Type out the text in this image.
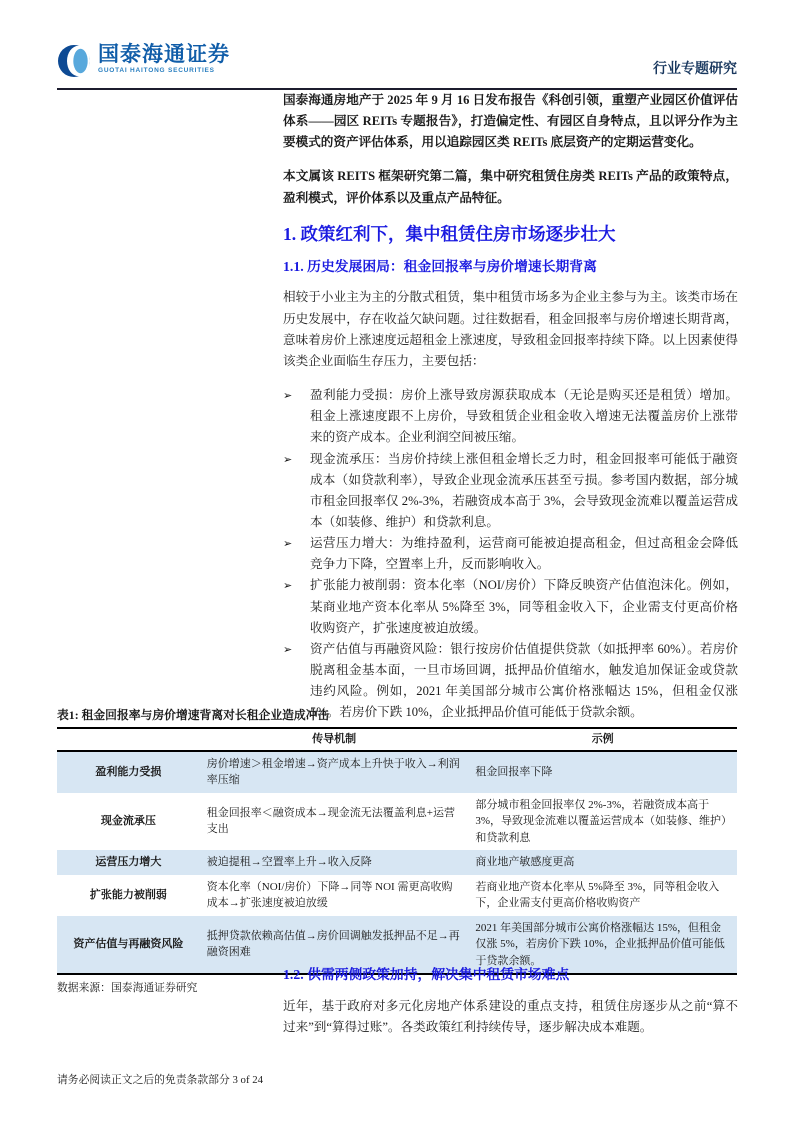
国泰海通证券
GUOTAI HAITONG SECURITIES	行业专题研究

国泰海通房地产于 2025 年 9 月 16 日发布报告《科创引领，重塑产业园区价值评估体系——园区 REITs 专题报告》，打造偏定性、有园区自身特点，且以评分作为主要模式的资产评估体系，用以追踪园区类 REITs 底层资产的定期运营变化。

本文属该 REITS 框架研究第二篇，集中研究租赁住房类 REITs 产品的政策特点，盈利模式，评价体系以及重点产品特征。

1. 政策红利下，集中租赁住房市场逐步壮大
1.1. 历史发展困局：租金回报率与房价增速长期背离

相较于小业主为主的分散式租赁，集中租赁市场多为企业主参与为主。该类市场在历史发展中，存在收益欠缺问题。过往数据看，租金回报率与房价增速长期背离，意味着房价上涨速度远超租金上涨速度，导致租金回报率持续下降。以上因素使得该类企业面临生存压力，主要包括：

➢	盈利能力受损：房价上涨导致房源获取成本（无论是购买还是租赁）增加。租金上涨速度跟不上房价，导致租赁企业租金收入增速无法覆盖房价上涨带来的资产成本。企业利润空间被压缩。
➢	现金流承压：当房价持续上涨但租金增长乏力时，租金回报率可能低于融资成本（如贷款利率），导致企业现金流承压甚至亏损。参考国内数据，部分城市租金回报率仅 2%-3%，若融资成本高于 3%，会导致现金流难以覆盖运营成本（如装修、维护）和贷款利息。
➢	运营压力增大：为维持盈利，运营商可能被迫提高租金，但过高租金会降低竞争力下降，空置率上升，反而影响收入。
➢	扩张能力被削弱：资本化率（NOI/房价）下降反映资产估值泡沫化。例如，某商业地产资本化率从 5%降至 3%，同等租金收入下，企业需支付更高价格收购资产，扩张速度被迫放缓。
➢	资产估值与再融资风险：银行按房价估值提供贷款（如抵押率 60%）。若房价脱离租金基本面，一旦市场回调，抵押品价值缩水，触发追加保证金或贷款违约风险。例如，2021 年美国部分城市公寓价格涨幅达 15%，但租金仅涨 5%。若房价下跌 10%，企业抵押品价值可能低于贷款余额。
表1: 租金回报率与房价增速背离对长租企业造成冲击
	传导机制	示例
盈利能力受损	房价增速＞租金增速→资产成本上升快于收入→利润率压缩	租金回报率下降
现金流承压	租金回报率＜融资成本→现金流无法覆盖利息+运营支出	部分城市租金回报率仅 2%-3%，若融资成本高于 3%，导致现金流难以覆盖运营成本（如装修、维护）和贷款利息
运营压力增大	被迫提租→空置率上升→收入反降	商业地产敏感度更高
扩张能力被削弱	资本化率（NOI/房价）下降→同等 NOI 需更高收购成本→扩张速度被迫放缓	若商业地产资本化率从 5%降至 3%，同等租金收入下，企业需支付更高价格收购资产
资产估值与再融资风险	抵押贷款依赖高估值→房价回调触发抵押品不足→再融资困难	2021 年美国部分城市公寓价格涨幅达 15%，但租金仅涨 5%，若房价下跌 10%，企业抵押品价值可能低于贷款余额。
数据来源：国泰海通证券研究
1.2. 供需两侧政策加持，解决集中租赁市场难点

近年，基于政府对多元化房地产体系建设的重点支持，租赁住房逐步从之前“算不过来”到“算得过账”。各类政策红利持续传导，逐步解决成本难题。

请务必阅读正文之后的免责条款部分 3 of 24
